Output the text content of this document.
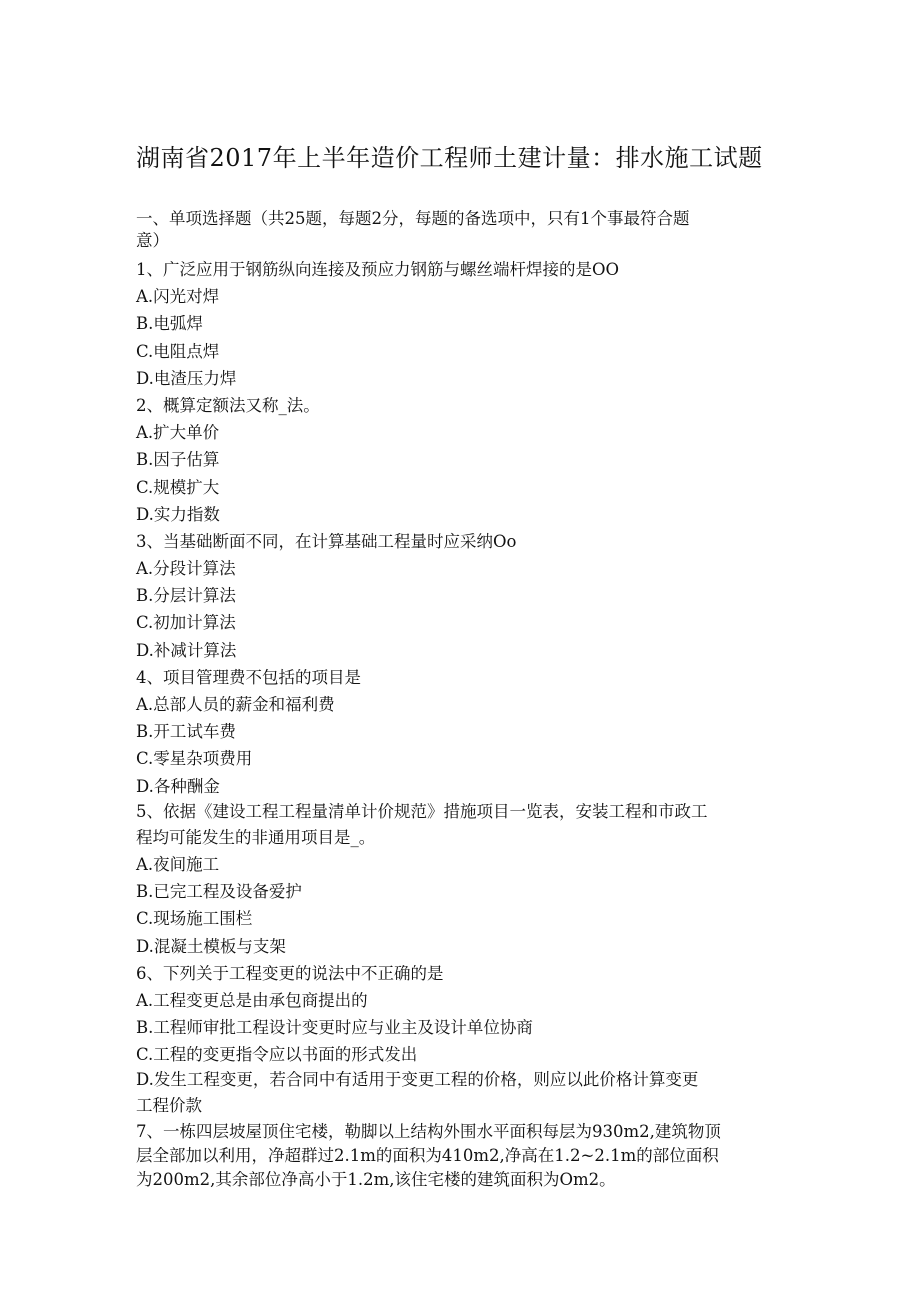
湖南省2017年上半年造价工程师土建计量：排水施工试题
一、单项选择题（共25题，每题2分，每题的备选项中，只有1个事最符合题
意）
1、广泛应用于钢筋纵向连接及预应力钢筋与螺丝端杆焊接的是OO
A.闪光对焊
B.电弧焊
C.电阻点焊
D.电渣压力焊
2、概算定额法又称_法。
A.扩大单价
B.因子估算
C.规模扩大
D.实力指数
3、当基础断面不同，在计算基础工程量时应采纳Oo
A.分段计算法
B.分层计算法
C.初加计算法
D.补减计算法
4、项目管理费不包括的项目是
A.总部人员的薪金和福利费
B.开工试车费
C.零星杂项费用
D.各种酬金
5、依据《建设工程工程量清单计价规范》措施项目一览表，安装工程和市政工
程均可能发生的非通用项目是_。
A.夜间施工
B.已完工程及设备爱护
C.现场施工围栏
D.混凝土模板与支架
6、下列关于工程变更的说法中不正确的是
A.工程变更总是由承包商提出的
B.工程师审批工程设计变更时应与业主及设计单位协商
C.工程的变更指令应以书面的形式发出
D.发生工程变更，若合同中有适用于变更工程的价格，则应以此价格计算变更
工程价款
7、一栋四层坡屋顶住宅楼，勒脚以上结构外围水平面积每层为930m2,建筑物顶
层全部加以利用，净超群过2.1m的面积为410m2,净高在1.2~2.1m的部位面积
为200m2,其余部位净高小于1.2m,该住宅楼的建筑面积为Om2。
